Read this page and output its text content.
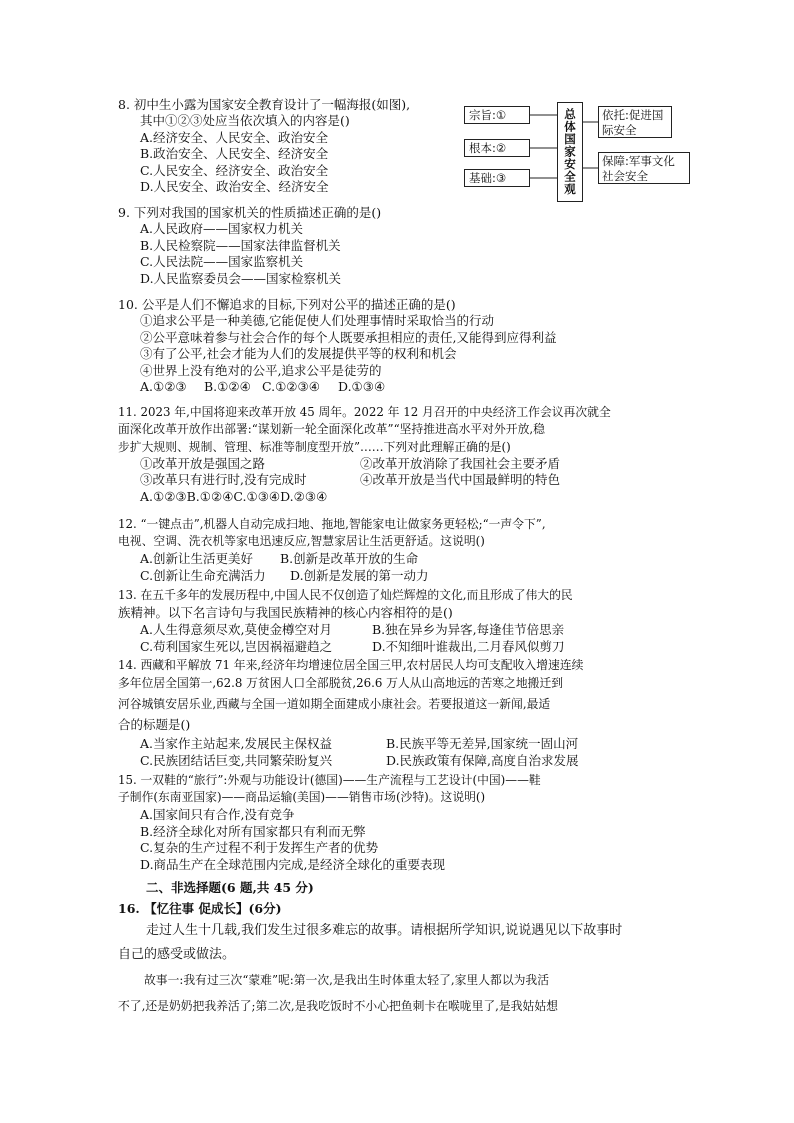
8. 初中生小露为国家安全教育设计了一幅海报(如图),
其中①②③处应当依次填入的内容是()
A.经济安全、人民安全、政治安全
B.政治安全、人民安全、经济安全
C.人民安全、经济安全、政治安全
D.人民安全、政治安全、经济安全
宗旨:①
根本:②
基础:③	总体国家安全观	依托:促进国际安全
保障:军事文化社会安全
9. 下列对我国的国家机关的性质描述正确的是()
A.人民政府——国家权力机关
B.人民检察院——国家法律监督机关
C.人民法院——国家监察机关
D.人民监察委员会——国家检察机关
10. 公平是人们不懈追求的目标,下列对公平的描述正确的是()
①追求公平是一种美德,它能促使人们处理事情时采取恰当的行动
②公平意味着参与社会合作的每个人既要承担相应的责任,又能得到应得利益
③有了公平,社会才能为人们的发展提供平等的权利和机会
④世界上没有绝对的公平,追求公平是徒劳的
A.①②③ B.①②④ C.①②③④ D.①③④
11. 2023 年,中国将迎来改革开放 45 周年。2022 年 12 月召开的中央经济工作会议再次就全
面深化改革开放作出部署:“谋划新一轮全面深化改革”“坚持推进高水平对外开放,稳
步扩大规则、规制、管理、标准等制度型开放”……下列对此理解正确的是()
①改革开放是强国之路	②改革开放消除了我国社会主要矛盾
③改革只有进行时,没有完成时	④改革开放是当代中国最鲜明的特色
A.①②③B.①②④C.①③④D.②③④
12. “一键点击”,机器人自动完成扫地、拖地,智能家电让做家务更轻松;“一声令下”,
电视、空调、洗衣机等家电迅速反应,智慧家居让生活更舒适。这说明()
A.创新让生活更美好 B.创新是改革开放的生命
C.创新让生命充满活力 D.创新是发展的第一动力
13. 在五千多年的发展历程中,中国人民不仅创造了灿烂辉煌的文化,而且形成了伟大的民
族精神。以下名言诗句与我国民族精神的核心内容相符的是()
A.人生得意须尽欢,莫使金樽空对月	B.独在异乡为异客,每逢佳节倍思亲
C.苟利国家生死以,岂因祸福避趋之	D.不知细叶谁裁出,二月春风似剪刀
14. 西藏和平解放 71 年来,经济年均增速位居全国三甲,农村居民人均可支配收入增速连续
多年位居全国第一,62.8 万贫困人口全部脱贫,26.6 万人从山高地远的苦寒之地搬迁到
河谷城镇安居乐业,西藏与全国一道如期全面建成小康社会。若要报道这一新闻,最适
合的标题是()
A.当家作主站起来,发展民主保权益	B.民族平等无差异,国家统一固山河
C.民族团结话巨变,共同繁荣盼复兴	D.民族政策有保障,高度自治求发展
15. 一双鞋的“旅行”:外观与功能设计(德国)——生产流程与工艺设计(中国)——鞋
子制作(东南亚国家)——商品运输(美国)——销售市场(沙特)。这说明()
A.国家间只有合作,没有竞争
B.经济全球化对所有国家都只有利而无弊
C.复杂的生产过程不利于发挥生产者的优势
D.商品生产在全球范围内完成,是经济全球化的重要表现
二、非选择题(6 题,共 45 分)
16. 【忆往事 促成长】(6分)
走过人生十几载,我们发生过很多难忘的故事。请根据所学知识,说说遇见以下故事时
自己的感受或做法。
故事一:我有过三次“蒙难”呢:第一次,是我出生时体重太轻了,家里人都以为我活
不了,还是奶奶把我养活了;第二次,是我吃饭时不小心把鱼刺卡在喉咙里了,是我姑姑想
